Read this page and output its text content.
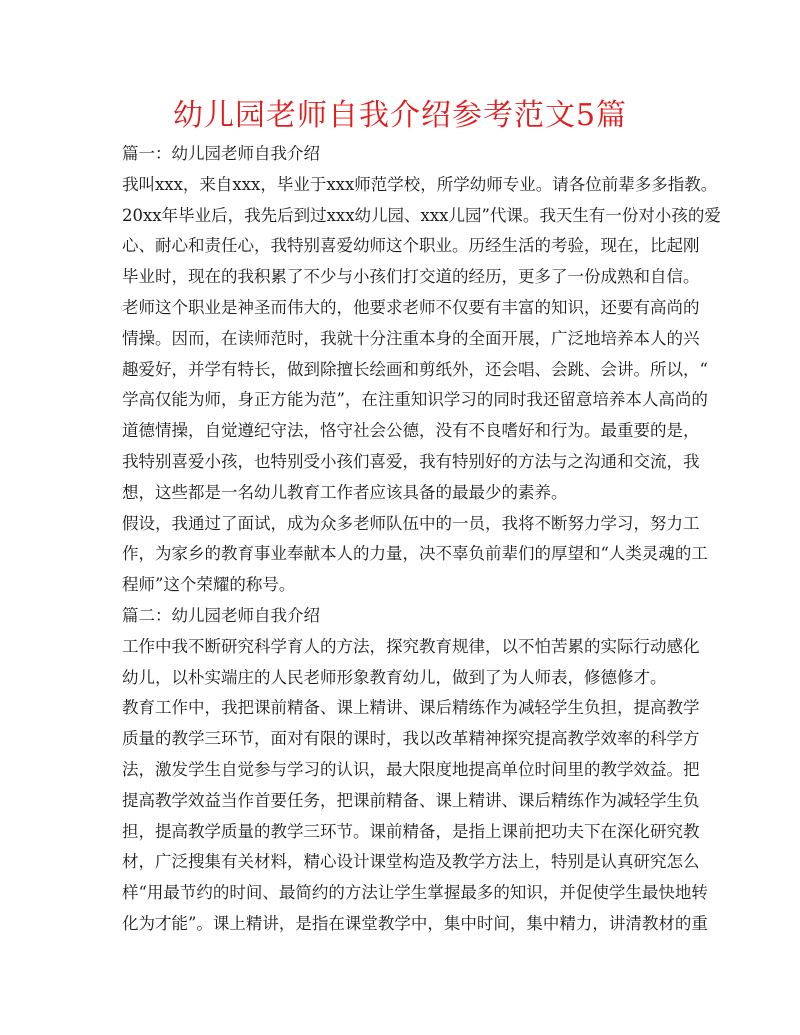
幼儿园老师自我介绍参考范文5篇
篇一：幼儿园老师自我介绍
我叫xxx，来自xxx，毕业于xxx师范学校，所学幼师专业。请各位前辈多多指教。
20xx年毕业后，我先后到过xxx幼儿园、xxx儿园”代课。我天生有一份对小孩的爱
心、耐心和责任心，我特别喜爱幼师这个职业。历经生活的考验，现在，比起刚
毕业时，现在的我积累了不少与小孩们打交道的经历，更多了一份成熟和自信。
老师这个职业是神圣而伟大的，他要求老师不仅要有丰富的知识，还要有高尚的
情操。因而，在读师范时，我就十分注重本身的全面开展，广泛地培养本人的兴
趣爱好，并学有特长，做到除擅长绘画和剪纸外，还会唱、会跳、会讲。所以，“
学高仅能为师，身正方能为范”，在注重知识学习的同时我还留意培养本人高尚的
道德情操，自觉遵纪守法，恪守社会公德，没有不良嗜好和行为。最重要的是，
我特别喜爱小孩，也特别受小孩们喜爱，我有特别好的方法与之沟通和交流，我
想，这些都是一名幼儿教育工作者应该具备的最最少的素养。
假设，我通过了面试，成为众多老师队伍中的一员，我将不断努力学习，努力工
作，为家乡的教育事业奉献本人的力量，决不辜负前辈们的厚望和“人类灵魂的工
程师”这个荣耀的称号。
篇二：幼儿园老师自我介绍
工作中我不断研究科学育人的方法，探究教育规律，以不怕苦累的实际行动感化
幼儿，以朴实端庄的人民老师形象教育幼儿，做到了为人师表，修德修才。
教育工作中，我把课前精备、课上精讲、课后精练作为减轻学生负担，提高教学
质量的教学三环节，面对有限的课时，我以改革精神探究提高教学效率的科学方
法，激发学生自觉参与学习的认识，最大限度地提高单位时间里的教学效益。把
提高教学效益当作首要任务，把课前精备、课上精讲、课后精练作为减轻学生负
担，提高教学质量的教学三环节。课前精备，是指上课前把功夫下在深化研究教
材，广泛搜集有关材料，精心设计课堂构造及教学方法上，特别是认真研究怎么
样“用最节约的时间、最简约的方法让学生掌握最多的知识，并促使学生最快地转
化为才能”。课上精讲，是指在课堂教学中，集中时间，集中精力，讲清教材的重
